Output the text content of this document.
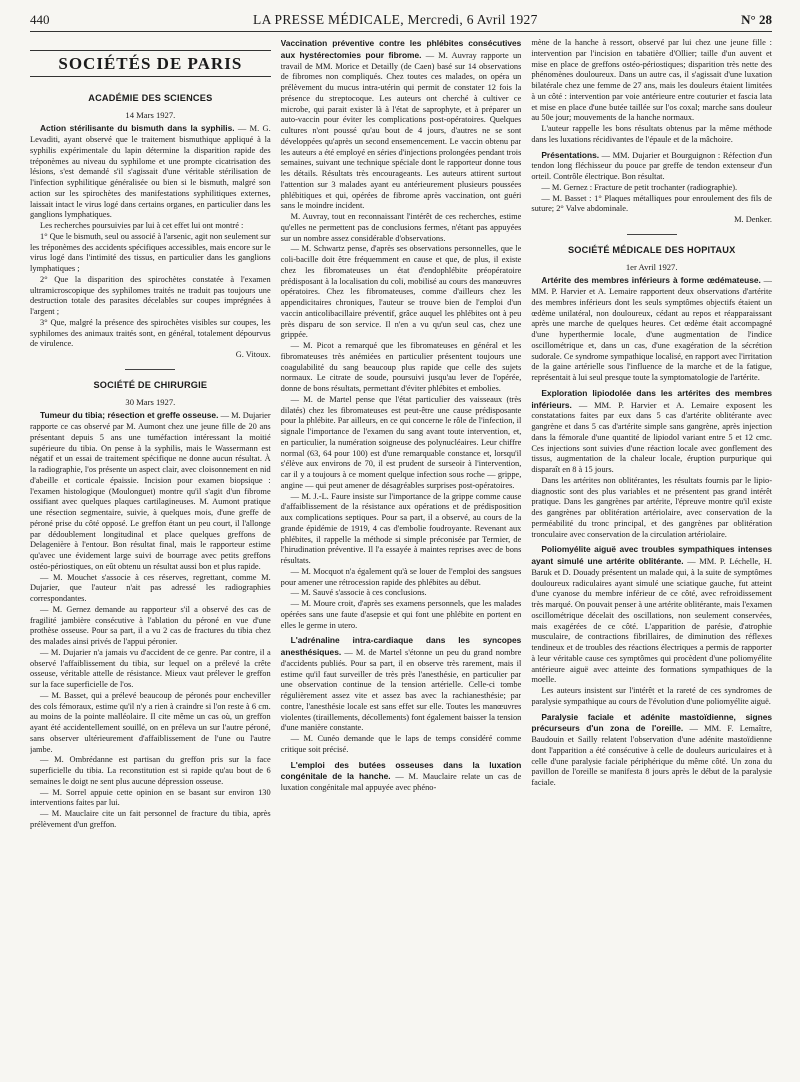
440	LA PRESSE MÉDICALE, Mercredi, 6 Avril 1927	N° 28
SOCIÉTÉS DE PARIS
ACADÉMIE DES SCIENCES
14 Mars 1927.

Action stérilisante du bismuth dans la syphilis. — M. G. Levaditi, ayant observé que le traitement bismuthique appliqué à la syphilis expérimentale du lapin détermine la disparition rapide des tréponèmes au niveau du syphilome et une prompte cicatrisation des lésions, s'est demandé s'il s'agissait d'une véritable stérilisation de l'infection syphilitique généralisée ou bien si le bismuth, malgré son action sur les spirochètes des manifestations syphilitiques externes, laissait intact le virus logé dans certains organes, en particulier dans les ganglions lymphatiques.

Les recherches poursuivies par lui à cet effet lui ont montré :

1° Que le bismuth, seul ou associé à l'arsenic, agit non seulement sur les tréponèmes des accidents spécifiques accessibles, mais encore sur le virus logé dans l'intimité des tissus, en particulier dans les ganglions lymphatiques ;

2° Que la disparition des spirochètes constatée à l'examen ultramicroscopique des syphilomes traités ne traduit pas toujours une destruction totale des parasites décelables sur coupes imprégnées à l'argent ;

3° Que, malgré la présence des spirochètes visibles sur coupes, les syphilomes des animaux traités sont, en général, totalement dépourvus de virulence.

G. Vitoux.

SOCIÉTÉ DE CHIRURGIE
30 Mars 1927.

Tumeur du tibia; résection et greffe osseuse. — M. Dujarier rapporte ce cas observé par M. Aumont chez une jeune fille de 20 ans présentant depuis 5 ans une tuméfaction intéressant la moitié supérieure du tibia. On pense à la syphilis, mais le Wassermann est négatif et un essai de traitement spécifique ne donne aucun résultat. À la radiographie, l'os présente un aspect clair, avec cloisonnement en nid d'abeille et corticale épaissie. Incision pour examen biopsique : l'examen histologique (Moulonguet) montre qu'il s'agit d'un fibrome ossifiant avec quelques plaques cartilagineuses. M. Aumont pratique une résection segmentaire, suivie, à quelques mois, d'une greffe de péroné prise du côté opposé. Le greffon étant un peu court, il l'allonge par dédoublement longitudinal et place quelques greffons de Delagenière à l'entour. Bon résultat final, mais le rapporteur estime qu'avec une évidement large suivi de bourrage avec petits greffons ostéo-périostiques, on eût obtenu un résultat aussi bon et plus rapide.

— M. Mouchet s'associe à ces réserves, regrettant, comme M. Dujarier, que l'auteur n'ait pas adressé les radiographies correspondantes.

— M. Gernez demande au rapporteur s'il a observé des cas de fragilité jambière consécutive à l'ablation du péroné en vue d'une prothèse osseuse. Pour sa part, il a vu 2 cas de fractures du tibia chez des malades ainsi privés de l'appui péronier.

— M. Dujarier n'a jamais vu d'accident de ce genre. Par contre, il a observé l'affaiblissement du tibia, sur lequel on a prélevé la crête osseuse, véritable attelle de résistance. Mieux vaut prélever le greffon sur la face superficielle de l'os.

— M. Basset, qui a prélevé beaucoup de péronés pour encheviller des cols fémoraux, estime qu'il n'y a rien à craindre si l'on reste à 6 cm. au moins de la pointe malléolaire. Il cite même un cas où, un greffon ayant été accidentellement souillé, on en préleva un sur l'autre péroné, sans observer ultérieurement d'affaiblissement de l'une ou l'autre jambe.

— M. Ombrédanne est partisan du greffon pris sur la face superficielle du tibia. La reconstitution est si rapide qu'au bout de 6 semaines le doigt ne sent plus aucune dépression osseuse.

— M. Sorrel appuie cette opinion en se basant sur environ 130 interventions faites par lui.

— M. Mauclaire cite un fait personnel de fracture du tibia, après prélèvement d'un greffon.

Vaccination préventive contre les phlébites consécutives aux hystérectomies pour fibrome. — M. Auvray rapporte un travail de MM. Morice et Detailly (de Caen) basé sur 14 observations de fibromes non compliqués. Chez toutes ces malades, on opéra un prélèvement du mucus intra-utérin qui permit de constater 12 fois la présence du streptocoque. Les auteurs ont cherché à cultiver ce microbe, qui parait exister là à l'état de saprophyte, et à préparer un auto-vaccin pour éviter les complications post-opératoires. Quelques cultures n'ont poussé qu'au bout de 4 jours, d'autres ne se sont développées qu'après un second ensemencement. Le vaccin obtenu par les auteurs a été employé en séries d'injections prolongées pendant trois semaines, suivant une technique spéciale dont le rapporteur donne tous les détails. Résultats très encourageants. Les auteurs attirent surtout l'attention sur 3 malades ayant eu antérieurement plusieurs poussées phlébitiques et qui, opérées de fibrome après vaccination, ont guéri sans le moindre incident.

M. Auvray, tout en reconnaissant l'intérêt de ces recherches, estime qu'elles ne permettent pas de conclusions fermes, n'étant pas appuyées sur un nombre assez considérable d'observations.

— M. Schwartz pense, d'après ses observations personnelles, que le coli-bacille doit être fréquemment en cause et que, de plus, il existe chez les fibromateuses un état d'endophlébite préopératoire prédisposant à la localisation du coli, mobilisé au cours des manœuvres opératoires. Chez les fibromateuses, comme d'ailleurs chez les appendicitaires chroniques, l'auteur se trouve bien de l'emploi d'un vaccin anticolibacillaire préventif, grâce auquel les phlébites ont à peu près disparu de son service. Il n'en a vu qu'un seul cas, chez une grippée.

— M. Picot a remarqué que les fibromateuses en général et les fibromateuses très anémiées en particulier présentent toujours une coagulabilité du sang beaucoup plus rapide que celle des sujets normaux. Le citrate de soude, poursuivi jusqu'au lever de l'opérée, donne de bons résultats, permettant d'éviter phlébites et embolies.

— M. de Martel pense que l'état particulier des vaisseaux (très dilatés) chez les fibromateuses est peut-être une cause prédisposante pour la phlébite. Par ailleurs, en ce qui concerne le rôle de l'infection, il signale l'importance de l'examen du sang avant toute intervention, et, en particulier, la numération soigneuse des polynucléaires. Leur chiffre normal (63, 64 pour 100) est d'une remarquable constance et, lorsqu'il s'élève aux environs de 70, il est prudent de surseoir à l'intervention, car il y a toujours à ce moment quelque infection sous roche — grippe, angine — qui peut amener de désagréables surprises post-opératoires.

— M. J.-L. Faure insiste sur l'importance de la grippe comme cause d'affaiblissement de la résistance aux opérations et de prédisposition aux complications septiques. Pour sa part, il a observé, au cours de la grande épidémie de 1919, 4 cas d'embolie foudroyante. Revenant aux phlébites, il rappelle la méthode si simple préconisée par Termier, de l'hirudination préventive. Il l'a essayée à maintes reprises avec de bons résultats.

— M. Mocquot n'a également qu'à se louer de l'emploi des sangsues pour amener une rétrocession rapide des phlébites au début.

— M. Sauvé s'associe à ces conclusions.

— M. Moure croit, d'après ses examens personnels, que les malades opérées sans une faute d'asepsie et qui font une phlébite en portent en elles le germe in utero.

L'adrénaline intra-cardiaque dans les syncopes anesthésiques. — M. de Martel s'étonne un peu du grand nombre d'accidents publiés. Pour sa part, il en observe très rarement, mais il estime qu'il faut surveiller de très près l'anesthésie, en particulier par une observation continue de la tension artérielle. Celle-ci tombe régulièrement assez vite et assez bas avec la rachianesthésie; par contre, l'anesthésie locale est sans effet sur elle. Toutes les manœuvres violentes (tiraillements, décollements) font également baisser la tension d'une manière constante.

— M. Cunéo demande que le laps de temps considéré comme critique soit précisé.

L'emploi des butées osseuses dans la luxation congénitale de la hanche. — M. Mauclaire relate un cas de luxation congénitale mal appuyée avec phéno-

mène de la hanche à ressort, observé par lui chez une jeune fille : intervention par l'incision en tabatière d'Ollier; taille d'un auvent et mise en place de greffons ostéo-périostiques; disparition très nette des phénomènes douloureux. Dans un autre cas, il s'agissait d'une luxation bilatérale chez une femme de 27 ans, mais les douleurs étaient limitées à un côté : intervention par voie antérieure entre couturier et fascia lata et mise en place d'une butée taillée sur l'os coxal; marche sans douleur au 50e jour; mouvements de la hanche normaux.

L'auteur rappelle les bons résultats obtenus par la même méthode dans les luxations récidivantes de l'épaule et de la mâchoire.

Présentations. — MM. Dujarier et Bourguignon : Réfection d'un tendon long fléchisseur du pouce par greffe de tendon extenseur d'un orteil. Contrôle électrique. Bon résultat.

— M. Gernez : Fracture de petit trochanter (radiographie).

— M. Basset : 1° Plaques métalliques pour enroulement des fils de suture; 2° Valve abdominale.

M. Denker.

SOCIÉTÉ MÉDICALE DES HOPITAUX
1er Avril 1927.

Artérite des membres inférieurs à forme œdémateuse. — MM. P. Harvier et A. Lemaire rapportent deux observations d'artérite des membres inférieurs dont les seuls symptômes objectifs étaient un œdème unilatéral, non douloureux, cédant au repos et réapparaissant après une marche de quelques heures. Cet œdème était accompagné d'une hyperthermie locale, d'une augmentation de l'indice oscillométrique et, dans un cas, d'une exagération de la sécrétion sudorale. Ce syndrome sympathique localisé, en rapport avec l'irritation de la gaine artérielle sous l'influence de la marche et de la fatigue, représentait à lui seul presque toute la symptomatologie de l'artérite.

Exploration lipiodolée dans les artérites des membres inférieurs. — MM. P. Harvier et A. Lemaire exposent les constatations faites par eux dans 5 cas d'artérite oblitérante avec gangrène et dans 5 cas d'artérite simple sans gangrène, après injection dans la fémorale d'une quantité de lipiodol variant entre 5 et 12 cmc. Ces injections sont suivies d'une réaction locale avec gonflement des tissus, augmentation de la chaleur locale, éruption purpurique qui disparaît en 8 à 15 jours.

Dans les artérites non oblitérantes, les résultats fournis par le lipio-diagnostic sont des plus variables et ne présentent pas grand intérêt pratique. Dans les gangrènes par artérite, l'épreuve montre qu'il existe des gangrènes par oblitération artériolaire, avec conservation de la perméabilité du tronc principal, et des gangrènes par oblitération tronculaire avec conservation de la circulation artériolaire.

Poliomyélite aiguë avec troubles sympathiques intenses ayant simulé une artérite oblitérante. — MM. P. Léchelle, H. Baruk et D. Douady présentent un malade qui, à la suite de symptômes douloureux radiculaires ayant simulé une sciatique gauche, fut atteint d'une cyanose du membre inférieur de ce côté, avec refroidissement très marqué. On pouvait penser à une artérite oblitérante, mais l'examen oscillométrique décelait des oscillations, non seulement conservées, mais exagérées de ce côté. L'apparition de parésie, d'atrophie musculaire, de contractions fibrillaires, de diminution des réflexes tendineux et de troubles des réactions électriques a permis de rapporter à leur véritable cause ces symptômes qui procèdent d'une poliomyélite antérieure aiguë avec atteinte des formations sympathiques de la moelle.

Les auteurs insistent sur l'intérêt et la rareté de ces syndromes de paralysie sympathique au cours de l'évolution d'une poliomyélite aiguë.

Paralysie faciale et adénite mastoïdienne, signes précurseurs d'un zona de l'oreille. — MM. F. Lemaître, Baudouin et Sailly relatent l'observation d'une adénite mastoïdienne dont l'apparition a été consécutive à celle de douleurs auriculaires et à celle d'une paralysie faciale périphérique du même côté. Un zona du pavillon de l'oreille se manifesta 8 jours après le début de la paralysie faciale.
